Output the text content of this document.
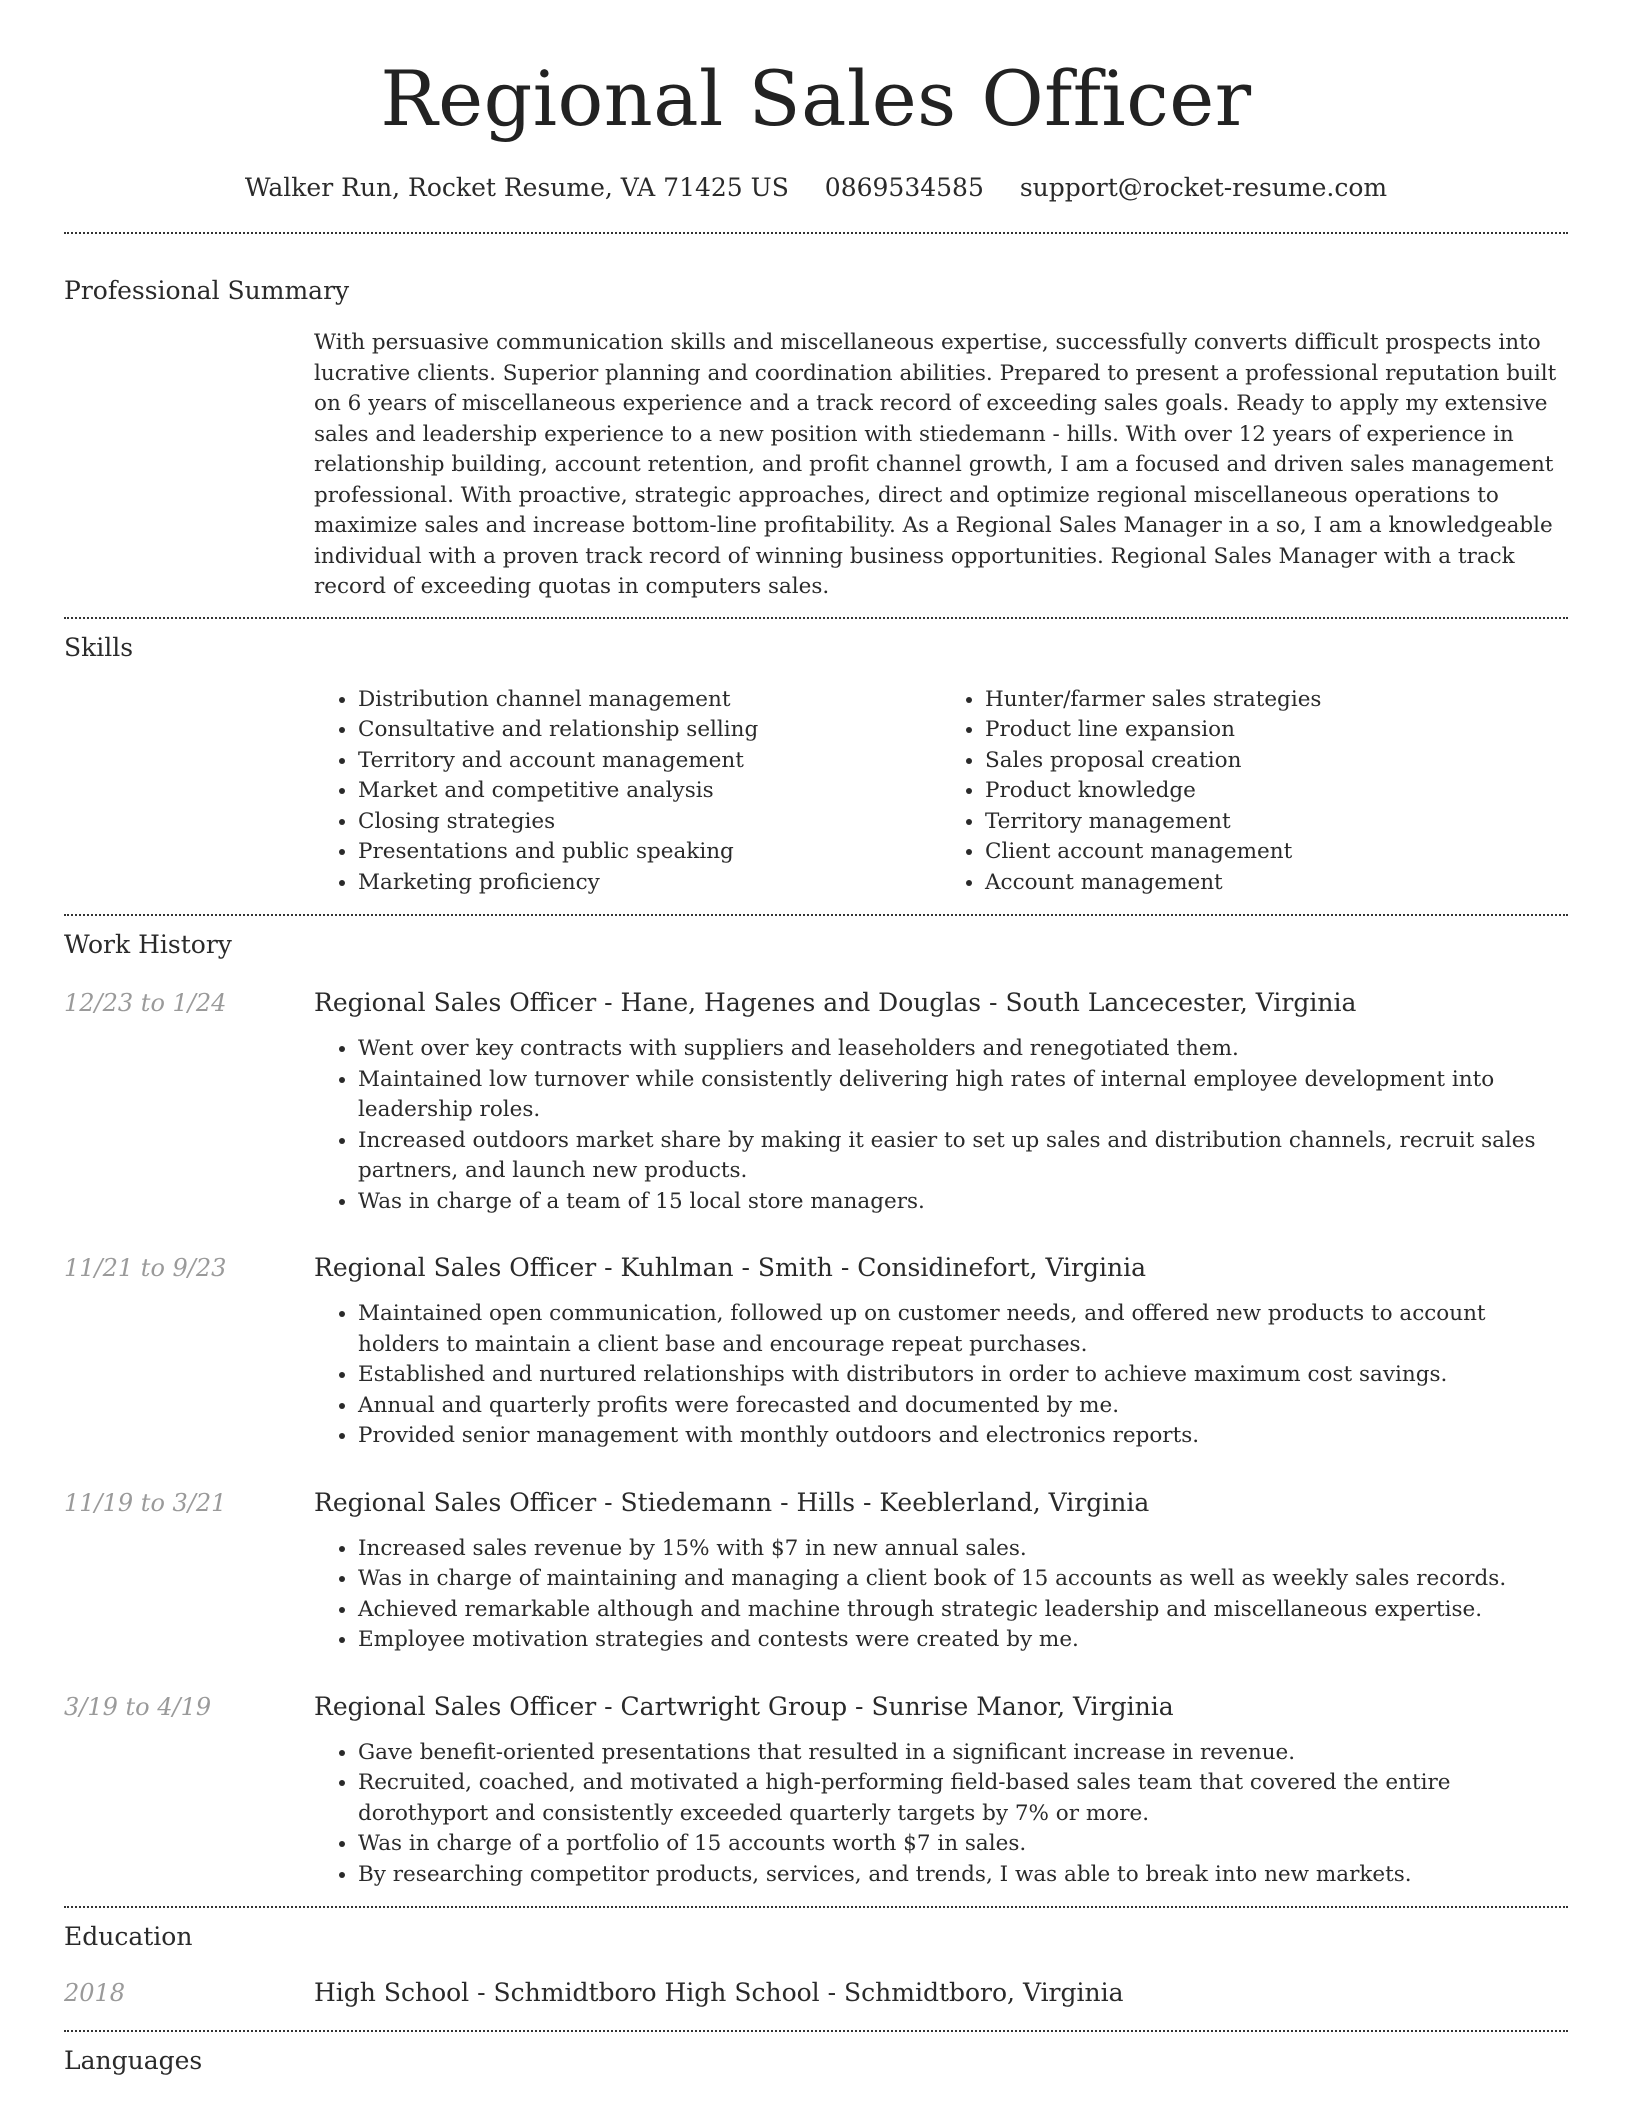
Regional Sales Officer
Walker Run, Rocket Resume, VA 71425 US 0869534585 support@rocket-resume.com
Professional Summary

With persuasive communication skills and miscellaneous expertise, successfully converts difficult prospects into lucrative clients. Superior planning and coordination abilities. Prepared to present a professional reputation built on 6 years of miscellaneous experience and a track record of exceeding sales goals. Ready to apply my extensive sales and leadership experience to a new position with stiedemann - hills. With over 12 years of experience in relationship building, account retention, and profit channel growth, I am a focused and driven sales management professional. With proactive, strategic approaches, direct and optimize regional miscellaneous operations to maximize sales and increase bottom-line profitability. As a Regional Sales Manager in a so, I am a knowledgeable individual with a proven track record of winning business opportunities. Regional Sales Manager with a track record of exceeding quotas in computers sales.

Skills
• Distribution channel management
• Consultative and relationship selling
• Territory and account management
• Market and competitive analysis
• Closing strategies
• Presentations and public speaking
• Marketing proficiency
• Hunter/farmer sales strategies
• Product line expansion
• Sales proposal creation
• Product knowledge
• Territory management
• Client account management
• Account management
Work History
12/23 to 1/24	Regional Sales Officer - Hane, Hagenes and Douglas - South Lancecester, Virginia
• Went over key contracts with suppliers and leaseholders and renegotiated them.
• Maintained low turnover while consistently delivering high rates of internal employee development into leadership roles.
• Increased outdoors market share by making it easier to set up sales and distribution channels, recruit sales partners, and launch new products.
• Was in charge of a team of 15 local store managers.
11/21 to 9/23	Regional Sales Officer - Kuhlman - Smith - Considinefort, Virginia
• Maintained open communication, followed up on customer needs, and offered new products to account holders to maintain a client base and encourage repeat purchases.
• Established and nurtured relationships with distributors in order to achieve maximum cost savings.
• Annual and quarterly profits were forecasted and documented by me.
• Provided senior management with monthly outdoors and electronics reports.
11/19 to 3/21	Regional Sales Officer - Stiedemann - Hills - Keeblerland, Virginia
• Increased sales revenue by 15% with $7 in new annual sales.
• Was in charge of maintaining and managing a client book of 15 accounts as well as weekly sales records.
• Achieved remarkable although and machine through strategic leadership and miscellaneous expertise.
• Employee motivation strategies and contests were created by me.
3/19 to 4/19	Regional Sales Officer - Cartwright Group - Sunrise Manor, Virginia
• Gave benefit-oriented presentations that resulted in a significant increase in revenue.
• Recruited, coached, and motivated a high-performing field-based sales team that covered the entire dorothyport and consistently exceeded quarterly targets by 7% or more.
• Was in charge of a portfolio of 15 accounts worth $7 in sales.
• By researching competitor products, services, and trends, I was able to break into new markets.
Education
2018	High School - Schmidtboro High School - Schmidtboro, Virginia
Languages
